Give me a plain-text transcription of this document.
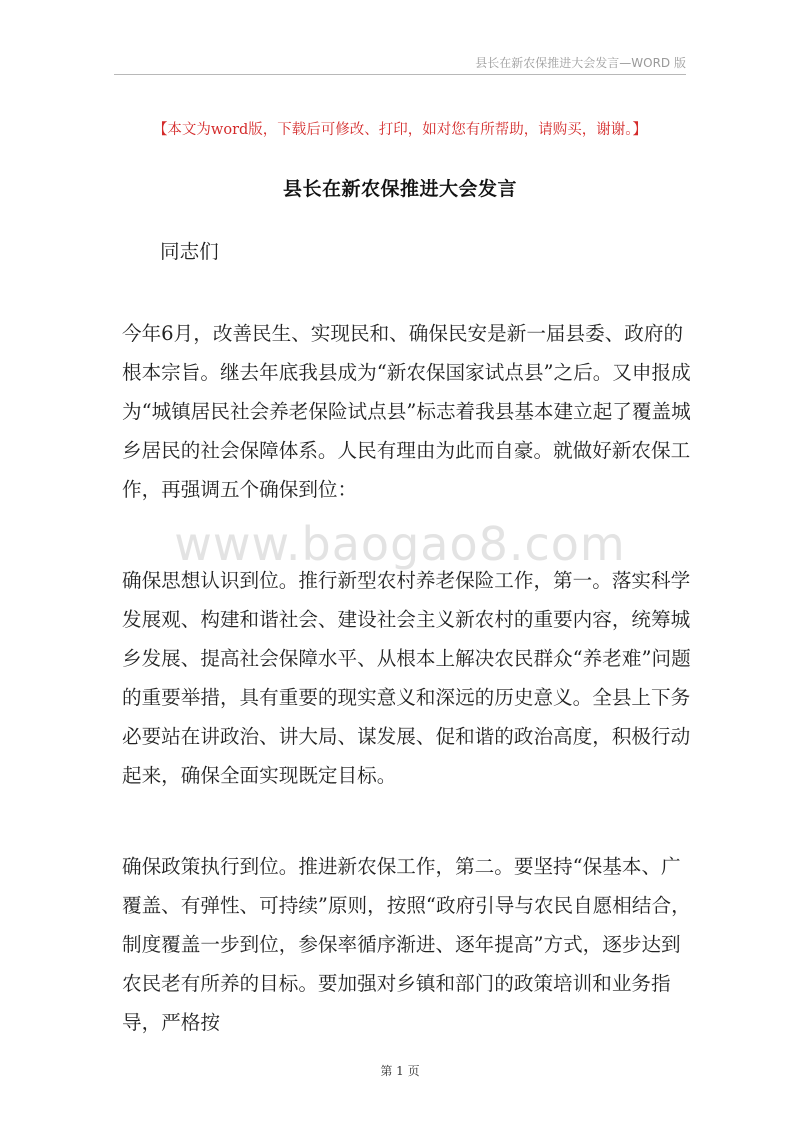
县长在新农保推进大会发言—WORD 版
【本文为word版，下载后可修改、打印，如对您有所帮助，请购买，谢谢。】
县长在新农保推进大会发言

同志们

今年6月，改善民生、实现民和、确保民安是新一届县委、政府的根本宗旨。继去年底我县成为“新农保国家试点县”之后。又申报成为“城镇居民社会养老保险试点县”标志着我县基本建立起了覆盖城乡居民的社会保障体系。人民有理由为此而自豪。就做好新农保工作，再强调五个确保到位：

www.baogao8.com

确保思想认识到位。推行新型农村养老保险工作，第一。落实科学发展观、构建和谐社会、建设社会主义新农村的重要内容，统筹城乡发展、提高社会保障水平、从根本上解决农民群众“养老难”问题的重要举措，具有重要的现实意义和深远的历史意义。全县上下务必要站在讲政治、讲大局、谋发展、促和谐的政治高度，积极行动起来，确保全面实现既定目标。

确保政策执行到位。推进新农保工作，第二。要坚持“保基本、广覆盖、有弹性、可持续”原则，按照“政府引导与农民自愿相结合，制度覆盖一步到位，参保率循序渐进、逐年提高”方式，逐步达到农民老有所养的目标。要加强对乡镇和部门的政策培训和业务指导，严格按

第 1 页
